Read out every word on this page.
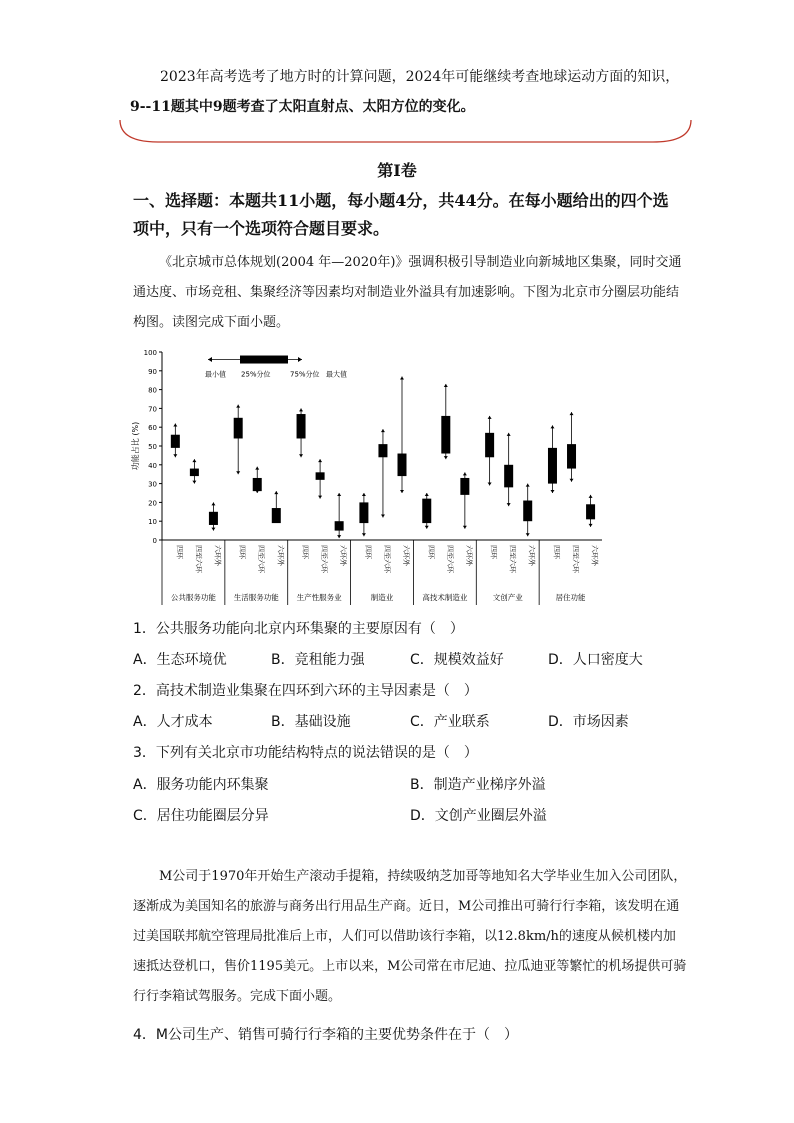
2023年高考选考了地方时的计算问题，2024年可能继续考查地球运动方面的知识，
9--11题其中9题考查了太阳直射点、太阳方位的变化。
第I卷
一、选择题：本题共11小题，每小题4分，共44分。在每小题给出的四个选项中，只有一个选项符合题目要求。
《北京城市总体规划(2004 年—2020年)》强调积极引导制造业向新城地区集聚，同时交通通达度、市场竞租、集聚经济等因素均对制造业外溢具有加速影响。下图为北京市分圈层功能结构图。读图完成下面小题。
0
10
20
30
40
50
60
70
80
90
100
功能占比 (%)
最小值 25%分位	75%分位 最大值
四环 四至六环 六环外
公共服务功能
四环 四至六环 六环外
生活服务功能
四环 四至六环 六环外
生产性服务业
四环 四至六环 六环外
制造业
四环 四至六环 六环外
高技术制造业
四环 四至六环 六环外
文创产业
四环 四至六环 六环外
居住功能
1．公共服务功能向北京内环集聚的主要原因有（　）
A．生态环境优	B．竞租能力强	C．规模效益好	D．人口密度大
2．高技术制造业集聚在四环到六环的主导因素是（　）
A．人才成本	B．基础设施	C．产业联系	D．市场因素
3．下列有关北京市功能结构特点的说法错误的是（　）
A．服务功能内环集聚	B．制造产业梯序外溢
C．居住功能圈层分异	D．文创产业圈层外溢
M公司于1970年开始生产滚动手提箱，持续吸纳芝加哥等地知名大学毕业生加入公司团队，逐渐成为美国知名的旅游与商务出行用品生产商。近日，M公司推出可骑行行李箱，该发明在通过美国联邦航空管理局批准后上市，人们可以借助该行李箱，以12.8km/h的速度从候机楼内加速抵达登机口，售价1195美元。上市以来，M公司常在市尼迪、拉瓜迪亚等繁忙的机场提供可骑行行李箱试驾服务。完成下面小题。
4．M公司生产、销售可骑行行李箱的主要优势条件在于（　）
